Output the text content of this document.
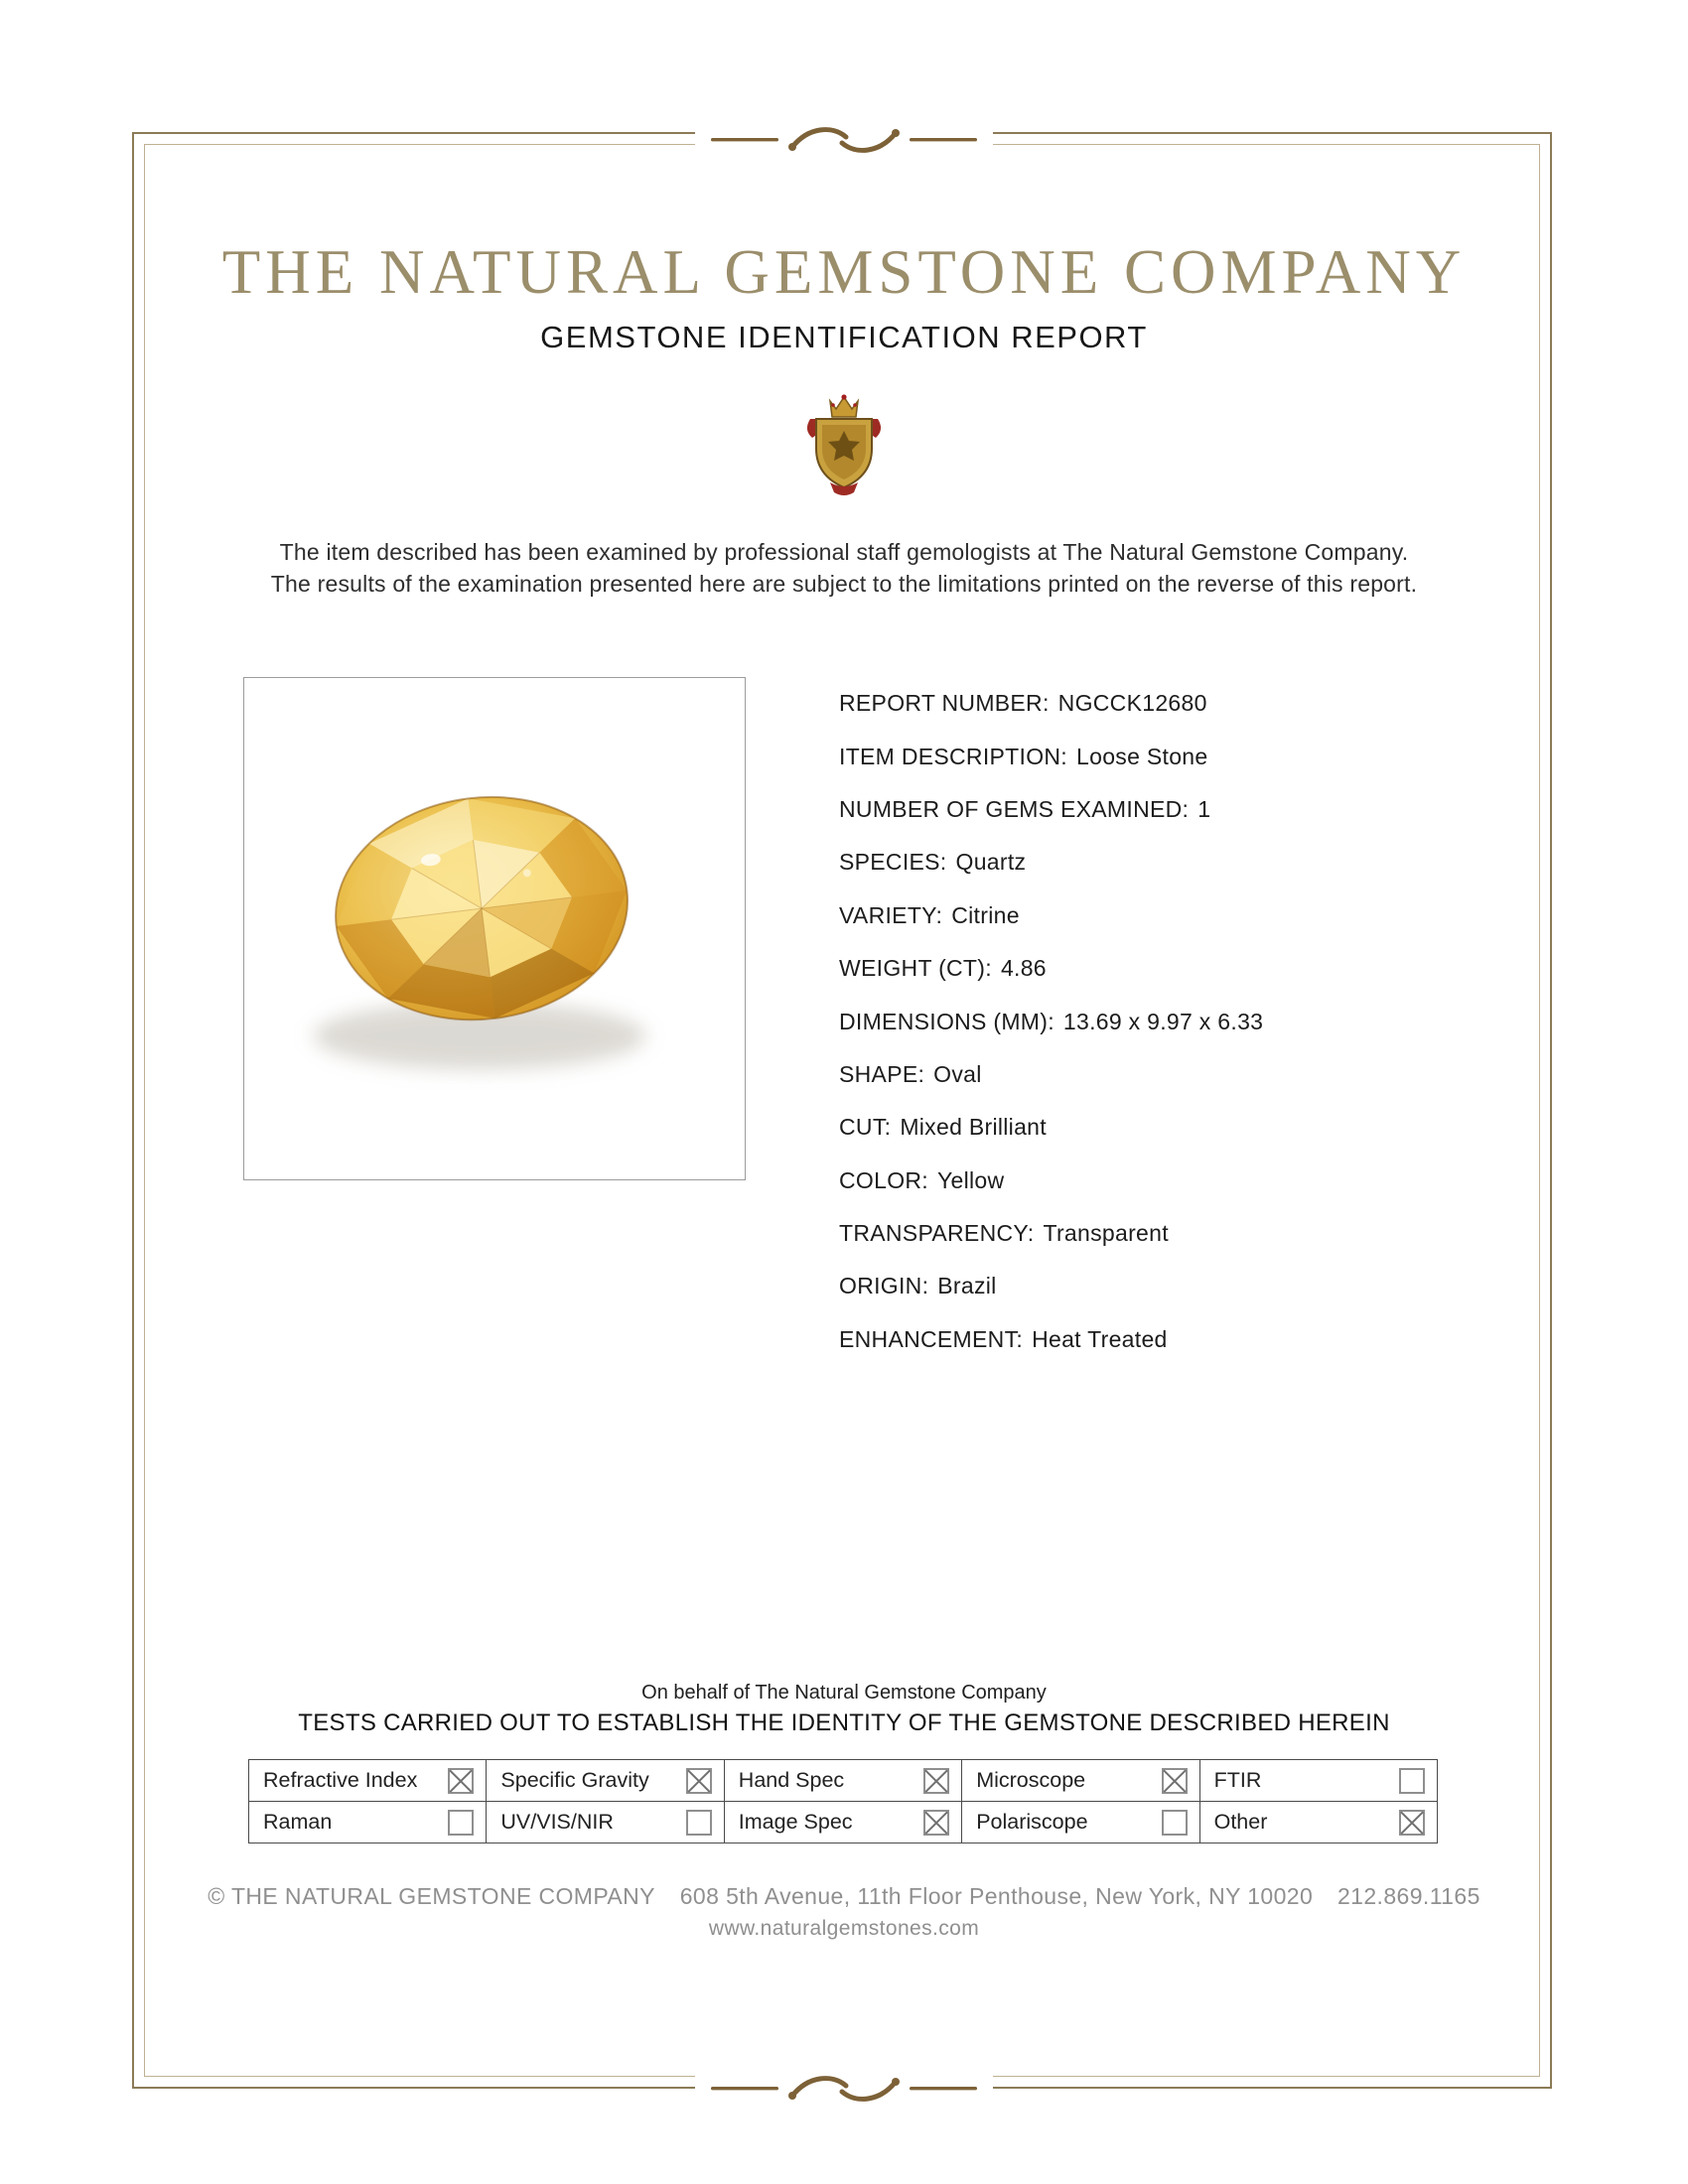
THE NATURAL GEMSTONE COMPANY
GEMSTONE IDENTIFICATION REPORT
The item described has been examined by professional staff gemologists at The Natural Gemstone Company.
The results of the examination presented here are subject to the limitations printed on the reverse of this report.
REPORT NUMBER: NGCCK12680
ITEM DESCRIPTION: Loose Stone
NUMBER OF GEMS EXAMINED: 1
SPECIES: Quartz
VARIETY: Citrine
WEIGHT (CT): 4.86
DIMENSIONS (MM): 13.69 x 9.97 x 6.33
SHAPE: Oval
CUT: Mixed Brilliant
COLOR: Yellow
TRANSPARENCY: Transparent
ORIGIN: Brazil
ENHANCEMENT: Heat Treated
On behalf of The Natural Gemstone Company
TESTS CARRIED OUT TO ESTABLISH THE IDENTITY OF THE GEMSTONE DESCRIBED HEREIN
Refractive Index	Specific Gravity	Hand Spec	Microscope	FTIR
Raman	UV/VIS/NIR	Image Spec	Polariscope	Other
© THE NATURAL GEMSTONE COMPANY 608 5th Avenue, 11th Floor Penthouse, New York, NY 10020 212.869.1165
www.naturalgemstones.com
